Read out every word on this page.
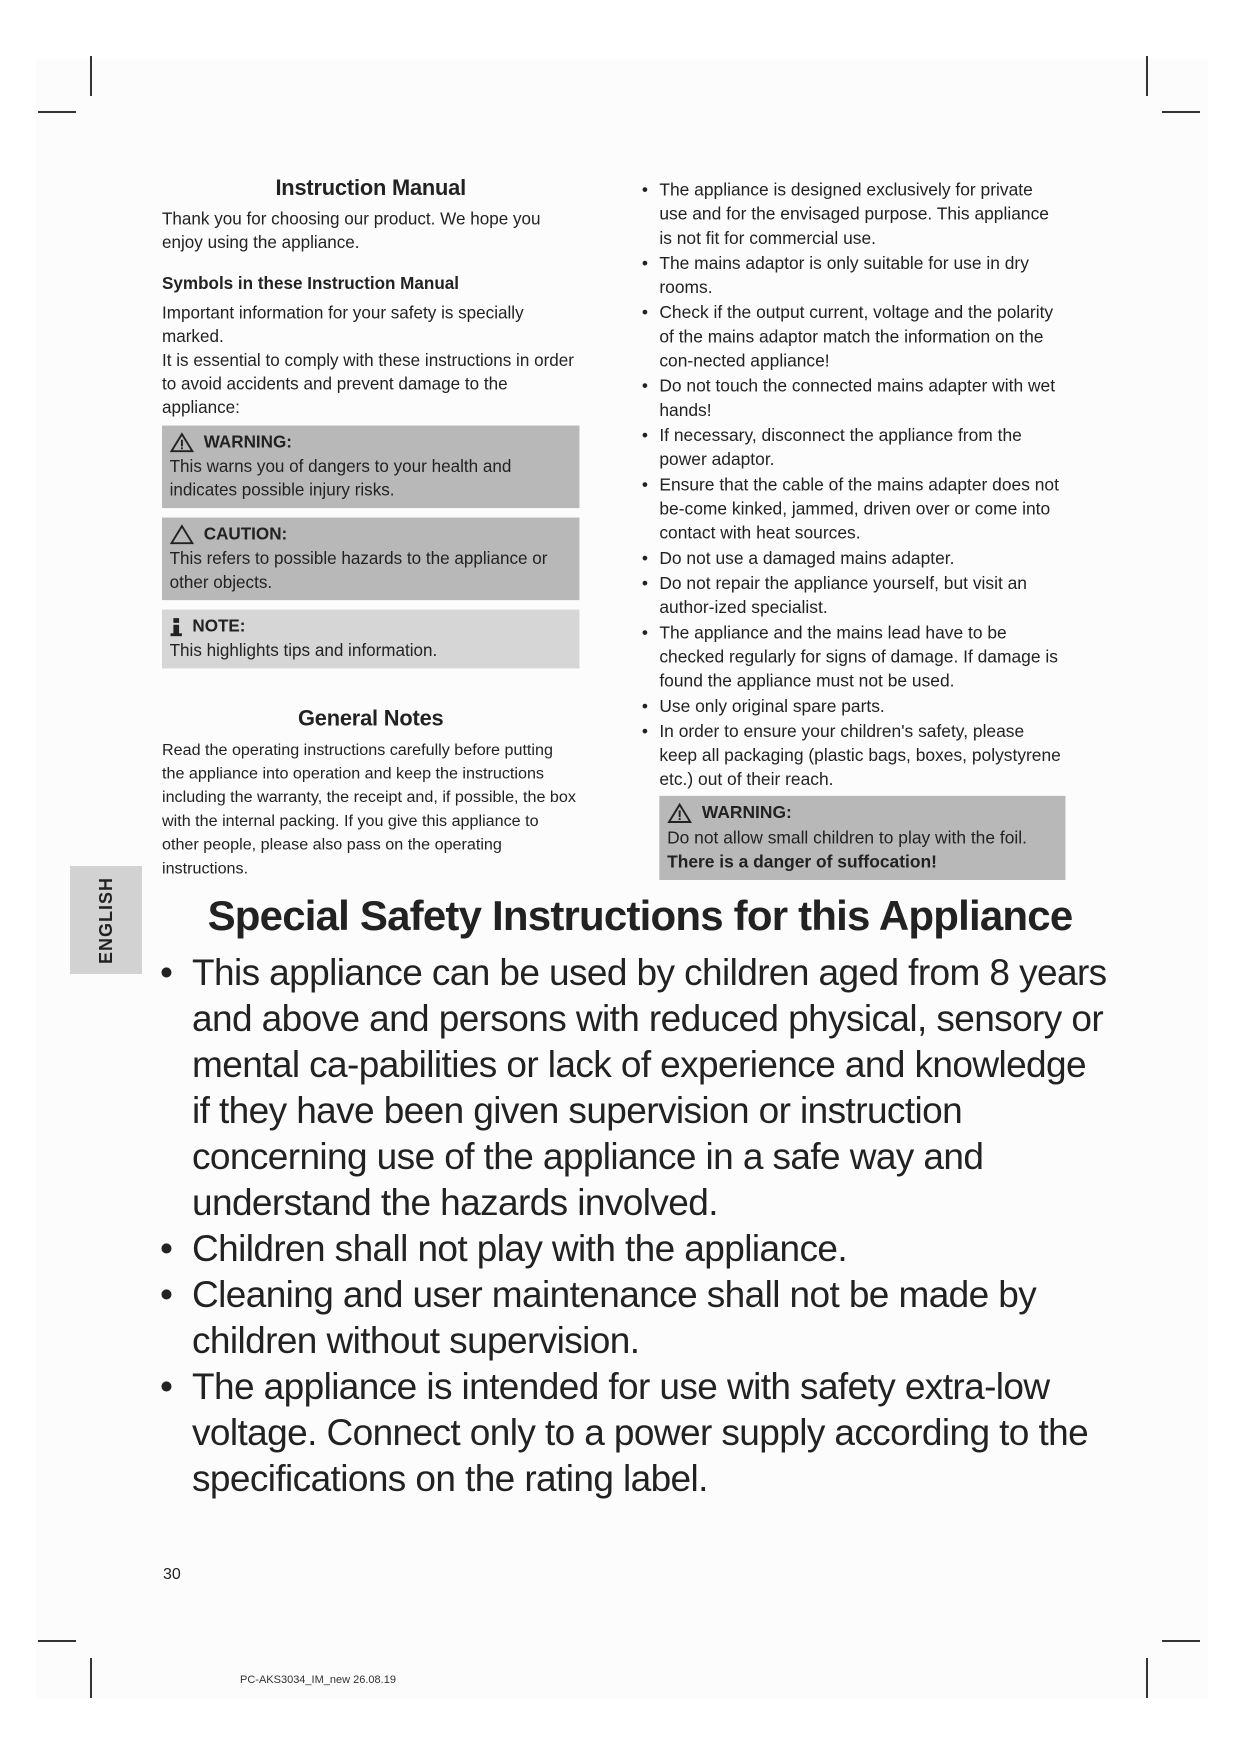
Instruction Manual

Thank you for choosing our product. We hope you enjoy using the appliance.

Symbols in these Instruction Manual

Important information for your safety is specially marked.

It is essential to comply with these instructions in order to avoid accidents and prevent damage to the appliance:

WARNING:

This warns you of dangers to your health and indicates possible injury risks.

CAUTION:

This refers to possible hazards to the appliance or other objects.

NOTE:

This highlights tips and information.

General Notes

Read the operating instructions carefully before putting the appliance into operation and keep the instructions including the warranty, the receipt and, if possible, the box with the internal packing. If you give this appliance to other people, please also pass on the operating instructions.

• The appliance is designed exclusively for private use and for the envisaged purpose. This appliance is not fit for commercial use.
• The mains adaptor is only suitable for use in dry rooms.
• Check if the output current, voltage and the polarity of the mains adaptor match the information on the con-nected appliance!
• Do not touch the connected mains adapter with wet hands!
• If necessary, disconnect the appliance from the power adaptor.
• Ensure that the cable of the mains adapter does not be-come kinked, jammed, driven over or come into contact with heat sources.
• Do not use a damaged mains adapter.
• Do not repair the appliance yourself, but visit an author-ized specialist.
• The appliance and the mains lead have to be checked regularly for signs of damage. If damage is found the appliance must not be used.
• Use only original spare parts.
• In order to ensure your children's safety, please keep all packaging (plastic bags, boxes, polystyrene etc.) out of their reach.
WARNING:

Do not allow small children to play with the foil. There is a danger of suffocation!

ENGLISH	Special Safety Instructions for this Appliance
• This appliance can be used by children aged from 8 years and above and persons with reduced physical, sensory or mental ca-pabilities or lack of experience and knowledge if they have been given supervision or instruction concerning use of the appliance in a safe way and understand the hazards involved.
• Children shall not play with the appliance.
• Cleaning and user maintenance shall not be made by children without supervision.
• The appliance is intended for use with safety extra-low voltage. Connect only to a power supply according to the specifications on the rating label.
30
PC-AKS3034_IM_new 26.08.19
